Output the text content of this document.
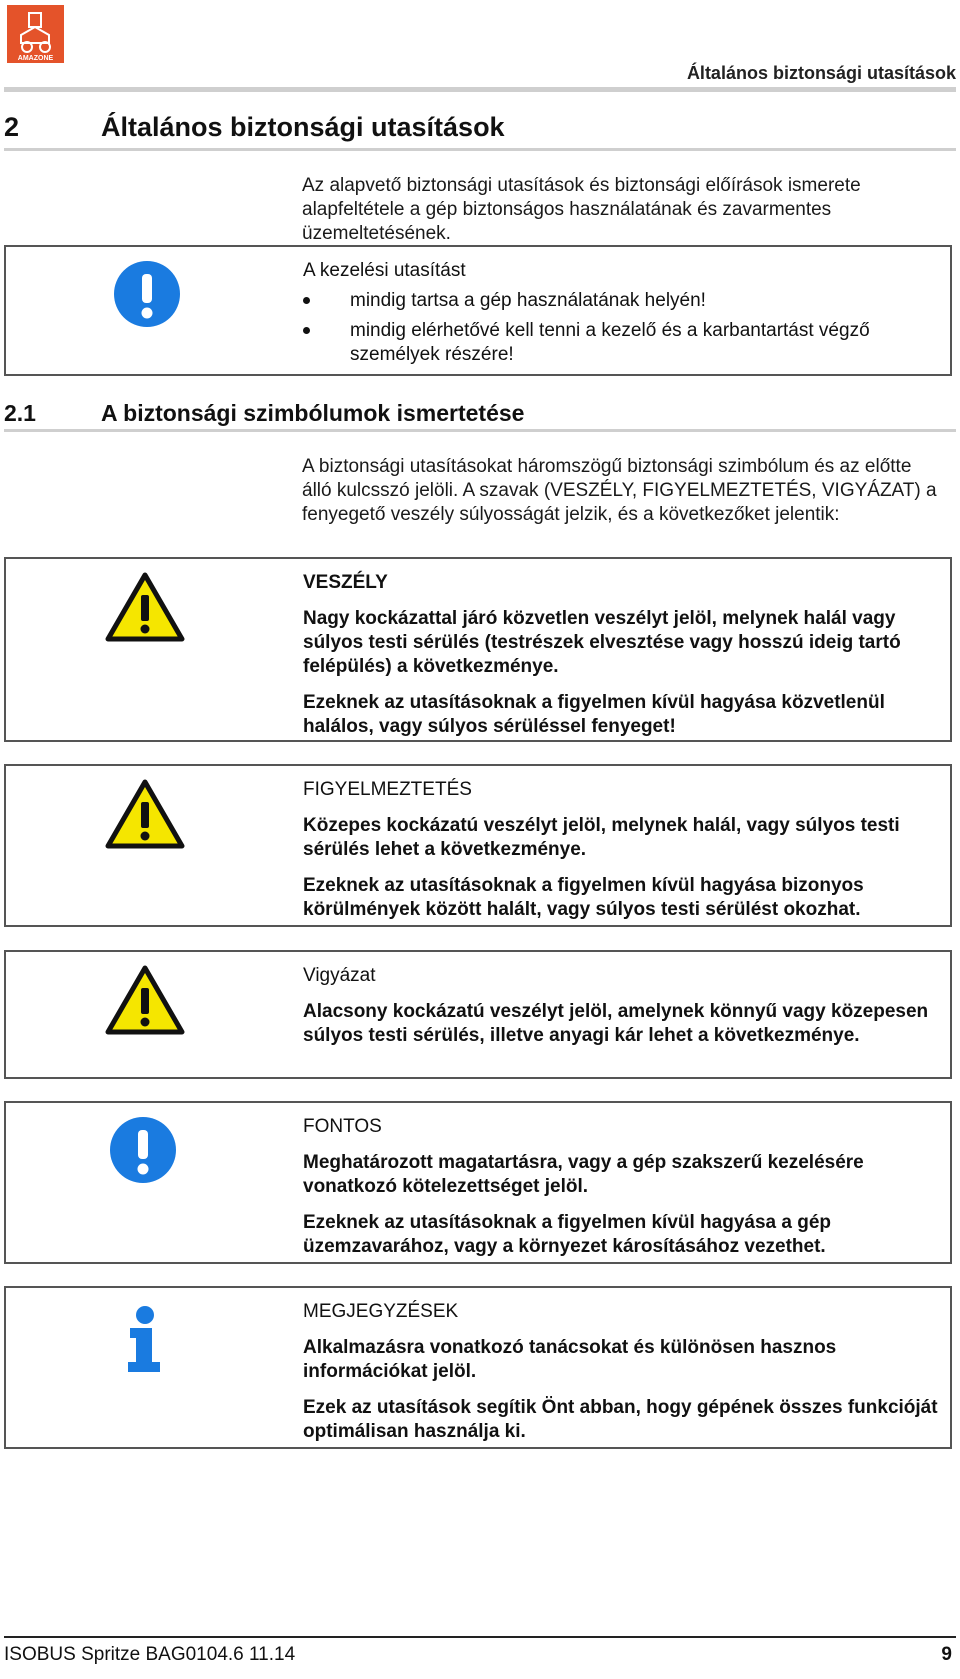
AMAZONE
Általános biztonsági utasítások
2	Általános biztonsági utasítások
Az alapvető biztonsági utasítások és biztonsági előírások ismerete alapfeltétele a gép biztonságos használatának és zavarmentes üzemeltetésének.
A kezelési utasítást
mindig tartsa a gép használatának helyén!
mindig elérhetővé kell tenni a kezelő és a karbantartást végző személyek részére!
2.1	A biztonsági szimbólumok ismertetése
A biztonsági utasításokat háromszögű biztonsági szimbólum és az előtte álló kulcsszó jelöli. A szavak (VESZÉLY, FIGYELMEZTETÉS, VIGYÁZAT) a fenyegető veszély súlyosságát jelzik, és a következőket jelentik:
VESZÉLY
Nagy kockázattal járó közvetlen veszélyt jelöl, melynek halál vagy súlyos testi sérülés (testrészek elvesztése vagy hosszú ideig tartó felépülés) a következménye.
Ezeknek az utasításoknak a figyelmen kívül hagyása közvetlenül halálos, vagy súlyos sérüléssel fenyeget!
FIGYELMEZTETÉS
Közepes kockázatú veszélyt jelöl, melynek halál, vagy súlyos testi sérülés lehet a következménye.
Ezeknek az utasításoknak a figyelmen kívül hagyása bizonyos körülmények között halált, vagy súlyos testi sérülést okozhat.
Vigyázat
Alacsony kockázatú veszélyt jelöl, amelynek könnyű vagy közepesen súlyos testi sérülés, illetve anyagi kár lehet a következménye.
FONTOS
Meghatározott magatartásra, vagy a gép szakszerű kezelésére vonatkozó kötelezettséget jelöl.
Ezeknek az utasításoknak a figyelmen kívül hagyása a gép üzemzavarához, vagy a környezet károsításához vezethet.
MEGJEGYZÉSEK
Alkalmazásra vonatkozó tanácsokat és különösen hasznos információkat jelöl.
Ezek az utasítások segítik Önt abban, hogy gépének összes funkcióját optimálisan használja ki.
ISOBUS Spritze BAG0104.6 11.14	9
